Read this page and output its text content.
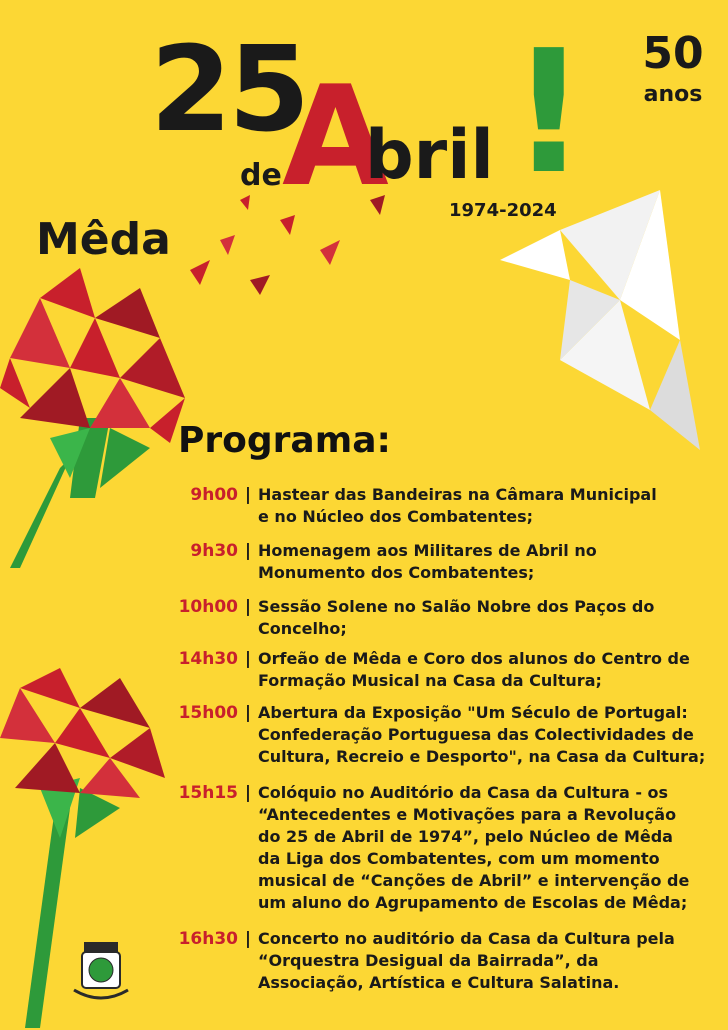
25
A
de bril !
1974-2024
50
anos
Mêda
Programa:
9h00 | Hastear das Bandeiras na Câmara Municipal
e no Núcleo dos Combatentes;
9h30 | Homenagem aos Militares de Abril no
Monumento dos Combatentes;
10h00 | Sessão Solene no Salão Nobre dos Paços do
Concelho;
14h30 | Orfeão de Mêda e Coro dos alunos do Centro de
Formação Musical na Casa da Cultura;
15h00 | Abertura da Exposição "Um Século de Portugal:
Confederação Portuguesa das Colectividades de
Cultura, Recreio e Desporto", na Casa da Cultura;
15h15 | Colóquio no Auditório da Casa da Cultura - os
“Antecedentes e Motivações para a Revolução
do 25 de Abril de 1974”, pelo Núcleo de Mêda
da Liga dos Combatentes, com um momento
musical de “Canções de Abril” e intervenção de
um aluno do Agrupamento de Escolas de Mêda;
16h30 | Concerto no auditório da Casa da Cultura pela
“Orquestra Desigual da Bairrada”, da
Associação, Artística e Cultura Salatina.
